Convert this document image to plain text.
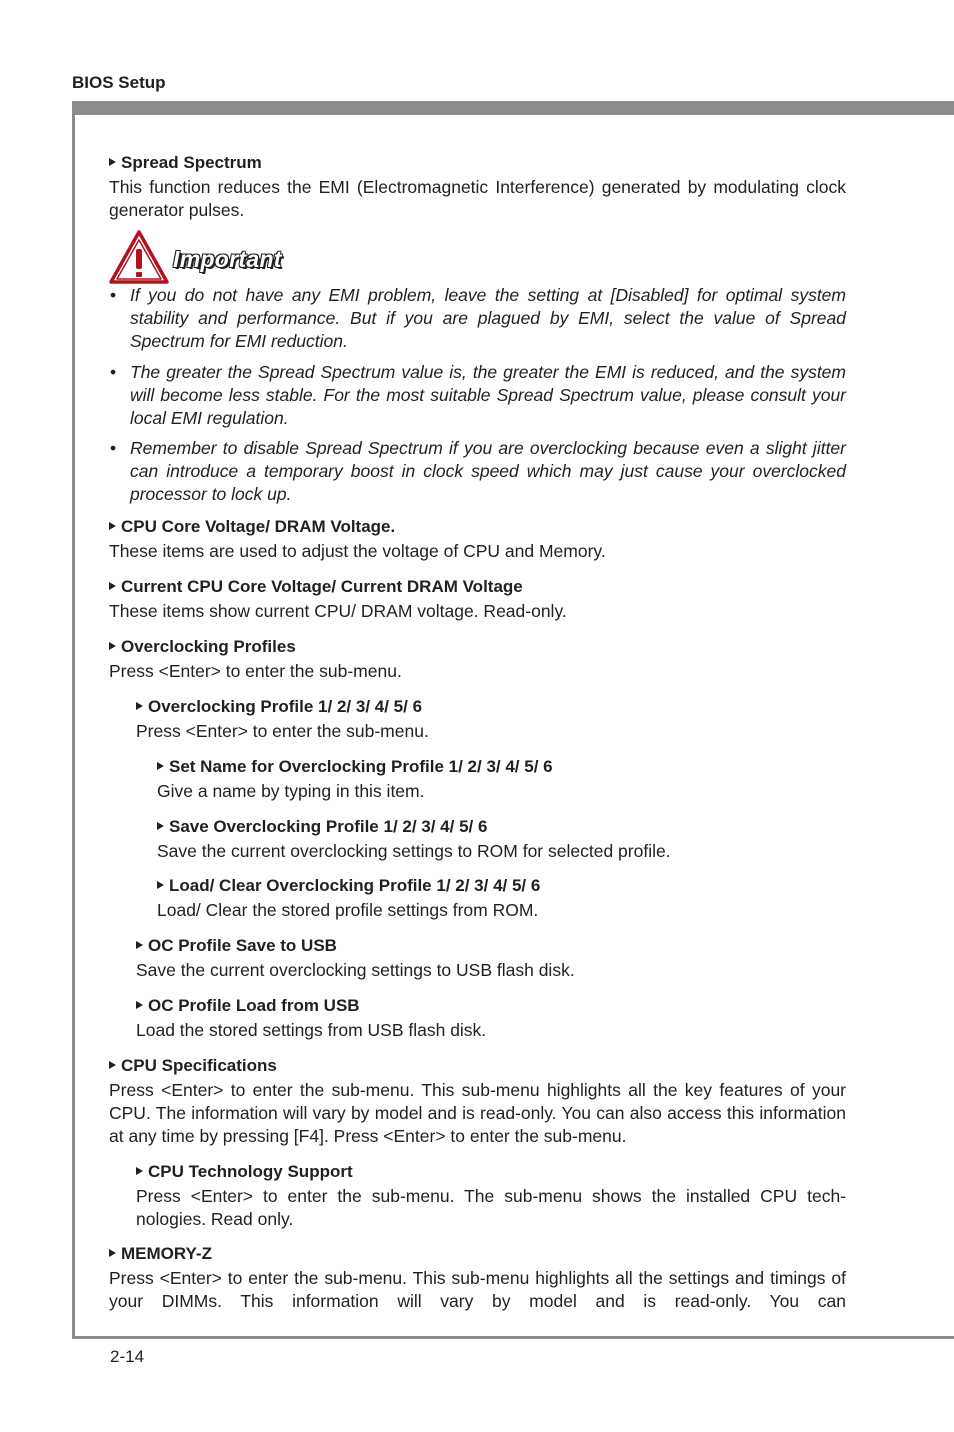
BIOS Setup
2-14
Spread Spectrum
This function reduces the EMI (Electromagnetic Interference) generated by modulating clock generator pulses.
Important
• If you do not have any EMI problem, leave the setting at [Disabled] for optimal system stability and performance. But if you are plagued by EMI, select the value of Spread Spectrum for EMI reduction.
• The greater the Spread Spectrum value is, the greater the EMI is reduced, and the system will become less stable. For the most suitable Spread Spectrum value, please consult your local EMI regulation.
• Remember to disable Spread Spectrum if you are overclocking because even a slight jitter can introduce a temporary boost in clock speed which may just cause your overclocked processor to lock up.
CPU Core Voltage/ DRAM Voltage.
These items are used to adjust the voltage of CPU and Memory.
Current CPU Core Voltage/ Current DRAM Voltage
These items show current CPU/ DRAM voltage. Read-only.
Overclocking Profiles
Press <Enter> to enter the sub-menu.
Overclocking Profile 1/ 2/ 3/ 4/ 5/ 6
Press <Enter> to enter the sub-menu.
Set Name for Overclocking Profile 1/ 2/ 3/ 4/ 5/ 6
Give a name by typing in this item.
Save Overclocking Profile 1/ 2/ 3/ 4/ 5/ 6
Save the current overclocking settings to ROM for selected profile.
Load/ Clear Overclocking Profile 1/ 2/ 3/ 4/ 5/ 6
Load/ Clear the stored profile settings from ROM.
OC Profile Save to USB
Save the current overclocking settings to USB flash disk.
OC Profile Load from USB
Load the stored settings from USB flash disk.
CPU Specifications
Press <Enter> to enter the sub-menu. This sub-menu highlights all the key features of your CPU. The information will vary by model and is read-only. You can also access this information at any time by pressing [F4]. Press <Enter> to enter the sub-menu.
CPU Technology Support
Press <Enter> to enter the sub-menu. The sub-menu shows the installed CPU tech-nologies. Read only.
MEMORY-Z
Press <Enter> to enter the sub-menu. This sub-menu highlights all the settings and timings of your DIMMs. This information will vary by model and is read-only. You can
